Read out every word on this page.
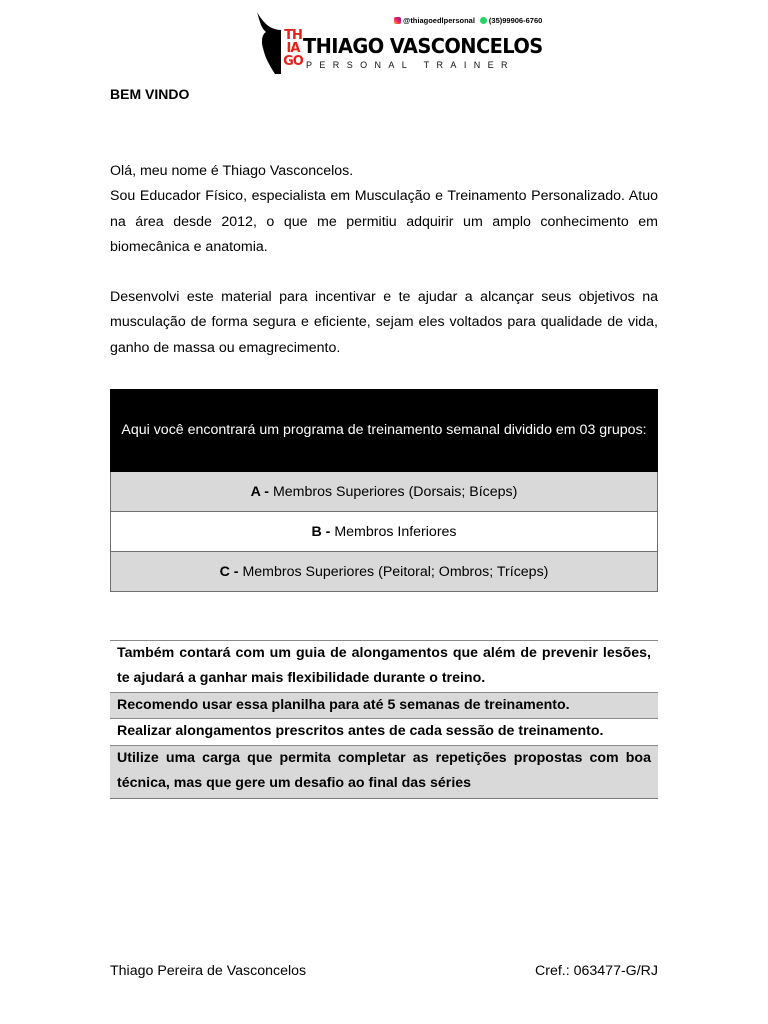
TH
IA
GO
THIAGO VASCONCELOS
PERSONAL TRAINER
@thiagoedlpersonal (35)99906-6760
BEM VINDO

Olá, meu nome é Thiago Vasconcelos.

Sou Educador Físico, especialista em Musculação e Treinamento Personalizado. Atuo na área desde 2012, o que me permitiu adquirir um amplo conhecimento em biomecânica e anatomia.

Desenvolvi este material para incentivar e te ajudar a alcançar seus objetivos na musculação de forma segura e eficiente, sejam eles voltados para qualidade de vida, ganho de massa ou emagrecimento.

Aqui você encontrará um programa de treinamento semanal dividido em 03 grupos:
A - Membros Superiores (Dorsais; Bíceps)
B - Membros Inferiores
C - Membros Superiores (Peitoral; Ombros; Tríceps)
Também contará com um guia de alongamentos que além de prevenir lesões, te ajudará a ganhar mais flexibilidade durante o treino.
Recomendo usar essa planilha para até 5 semanas de treinamento.
Realizar alongamentos prescritos antes de cada sessão de treinamento.
Utilize uma carga que permita completar as repetições propostas com boa técnica, mas que gere um desafio ao final das séries
Thiago Pereira de Vasconcelos	Cref.: 063477-G/RJ
